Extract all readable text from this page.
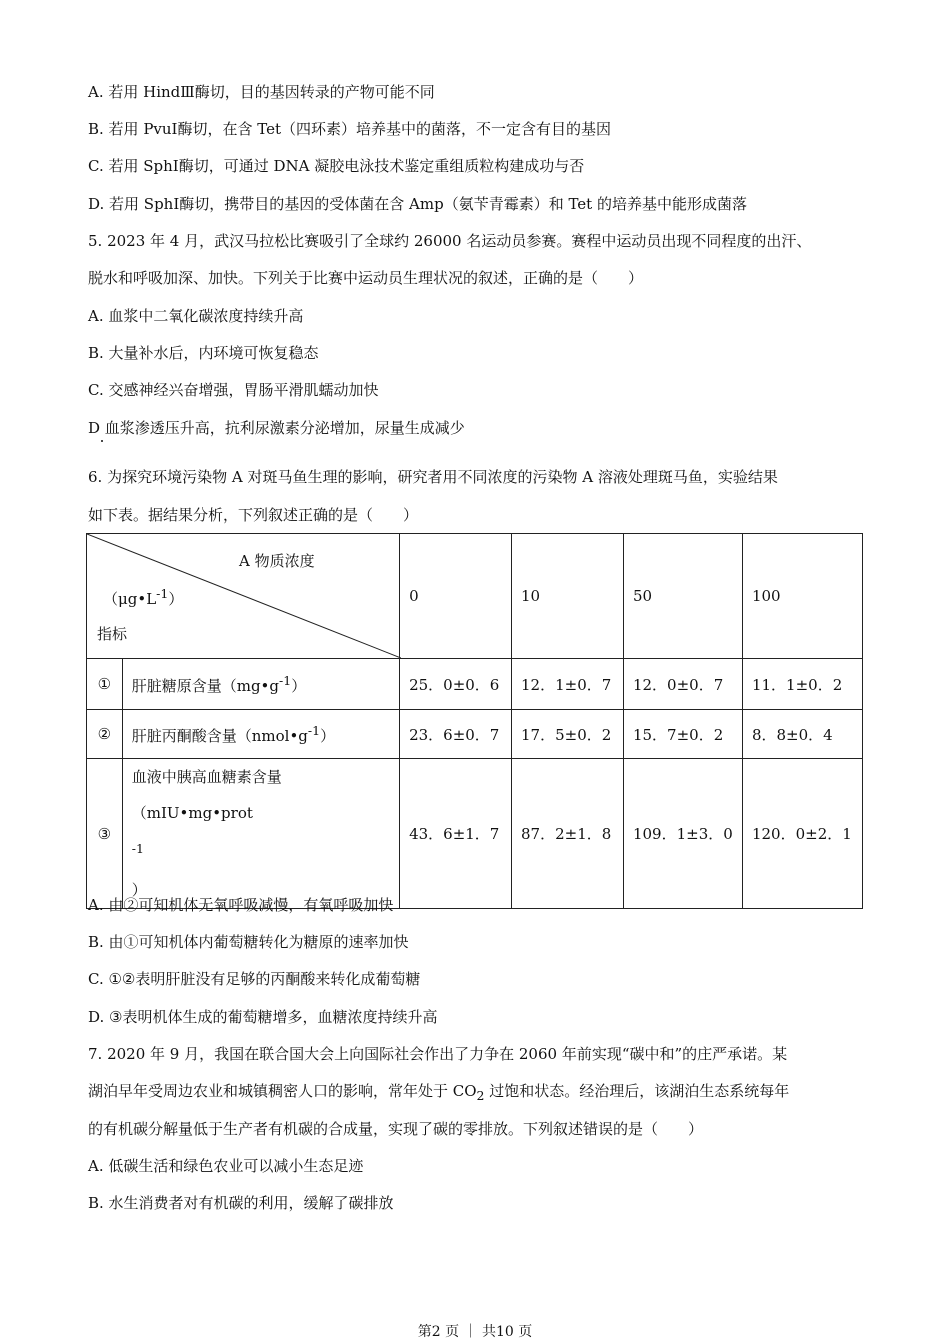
A. 若用 HindⅢ酶切，目的基因转录的产物可能不同
B. 若用 PvuⅠ酶切，在含 Tet（四环素）培养基中的菌落，不一定含有目的基因
C. 若用 SphⅠ酶切，可通过 DNA 凝胶电泳技术鉴定重组质粒构建成功与否
D. 若用 SphⅠ酶切，携带目的基因的受体菌在含 Amp（氨苄青霉素）和 Tet 的培养基中能形成菌落
5. 2023 年 4 月，武汉马拉松比赛吸引了全球约 26000 名运动员参赛。赛程中运动员出现不同程度的出汗、
脱水和呼吸加深、加快。下列关于比赛中运动员生理状况的叙述，正确的是（　　）
A. 血浆中二氧化碳浓度持续升高
B. 大量补水后，内环境可恢复稳态
C. 交感神经兴奋增强，胃肠平滑肌蠕动加快
D 血浆渗透压升高，抗利尿激素分泌增加，尿量生成减少
6. 为探究环境污染物 A 对斑马鱼生理的影响，研究者用不同浓度的污染物 A 溶液处理斑马鱼，实验结果
如下表。据结果分析，下列叙述正确的是（　　）
A 物质浓度
$(\mu g•L^{-1})$
指标		0	10	50	100
①	肝脏糖原含量$(mg•g^{-1})$	25．0±0．6	12．1±0．7	12．0±0．7	11．1±0．2
②	肝脏丙酮酸含量$(nmol•g^{-1})$	23．6±0．7	17．5±0．2	15．7±0．2	8．8±0．4
③	血液中胰高血糖素含量
（mIU•mg•prot
$^{-1}$
）	43．6±1．7	87．2±1．8	109．1±3．0	120．0±2．1
A. 由②可知机体无氧呼吸减慢，有氧呼吸加快
B. 由①可知机体内葡萄糖转化为糖原的速率加快
C. ①②表明肝脏没有足够的丙酮酸来转化成葡萄糖
D. ③表明机体生成的葡萄糖增多，血糖浓度持续升高
7. 2020 年 9 月，我国在联合国大会上向国际社会作出了力争在 2060 年前实现“碳中和”的庄严承诺。某
湖泊早年受周边农业和城镇稠密人口的影响，常年处于 $CO_2$ 过饱和状态。经治理后，该湖泊生态系统每年
的有机碳分解量低于生产者有机碳的合成量，实现了碳的零排放。下列叙述错误的是（　　）
A. 低碳生活和绿色农业可以减小生态足迹
B. 水生消费者对有机碳的利用，缓解了碳排放
第2 页 ｜ 共10 页
